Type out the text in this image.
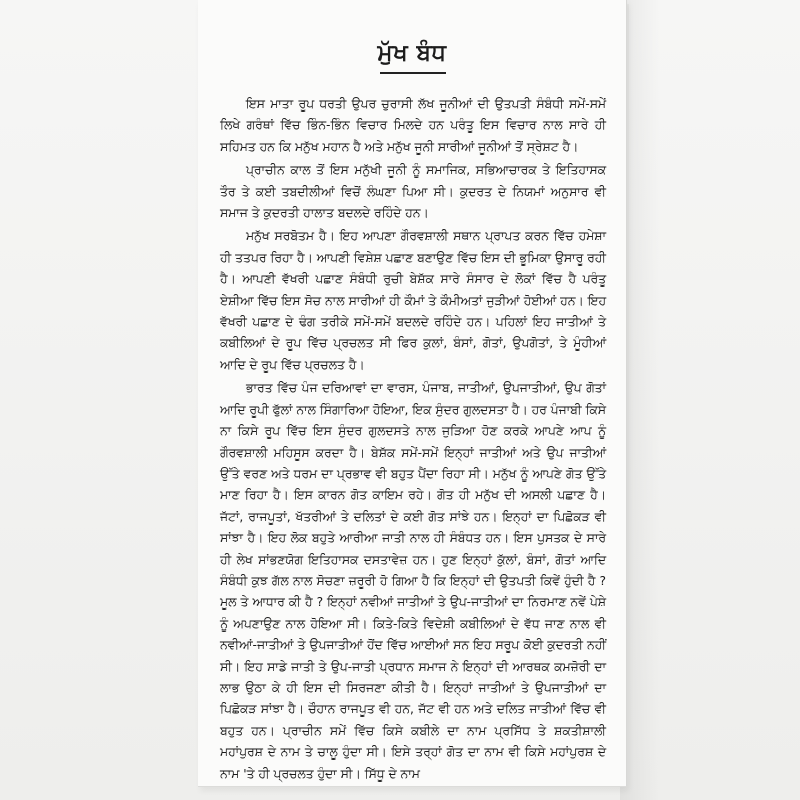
ਮੁੱਖ ਬੰਧ

ਇਸ ਮਾਤਾ ਰੂਪ ਧਰਤੀ ਉਪਰ ਚੁਰਾਸੀ ਲੱਖ ਜੂਨੀਆਂ ਦੀ ਉਤਪਤੀ ਸੰਬੰਧੀ ਸਮੇਂ-ਸਮੇਂ ਲਿਖੇ ਗਰੰਥਾਂ ਵਿੱਚ ਭਿੰਨ-ਭਿੰਨ ਵਿਚਾਰ ਮਿਲਦੇ ਹਨ ਪਰੰਤੂ ਇਸ ਵਿਚਾਰ ਨਾਲ ਸਾਰੇ ਹੀ ਸਹਿਮਤ ਹਨ ਕਿ ਮਨੁੱਖ ਮਹਾਨ ਹੈ ਅਤੇ ਮਨੁੱਖ ਜੂਨੀ ਸਾਰੀਆਂ ਜੂਨੀਆਂ ਤੋਂ ਸ੍ਰੇਸ਼ਟ ਹੈ।

ਪ੍ਰਾਚੀਨ ਕਾਲ ਤੋਂ ਇਸ ਮਨੁੱਖੀ ਜੂਨੀ ਨੂੰ ਸਮਾਜਿਕ, ਸਭਿਆਚਾਰਕ ਤੇ ਇਤਿਹਾਸਕ ਤੌਰ ਤੇ ਕਈ ਤਬਦੀਲੀਆਂ ਵਿਚੋਂ ਲੰਘਣਾ ਪਿਆ ਸੀ। ਕੁਦਰਤ ਦੇ ਨਿਯਮਾਂ ਅਨੁਸਾਰ ਵੀ ਸਮਾਜ ਤੇ ਕੁਦਰਤੀ ਹਾਲਾਤ ਬਦਲਦੇ ਰਹਿੰਦੇ ਹਨ।

ਮਨੁੱਖ ਸਰਬੋਤਮ ਹੈ। ਇਹ ਆਪਣਾ ਗੌਰਵਸ਼ਾਲੀ ਸਥਾਨ ਪ੍ਰਾਪਤ ਕਰਨ ਵਿੱਚ ਹਮੇਸ਼ਾ ਹੀ ਤਤਪਰ ਰਿਹਾ ਹੈ। ਆਪਣੀ ਵਿਸ਼ੇਸ਼ ਪਛਾਣ ਬਣਾਉਣ ਵਿੱਚ ਇਸ ਦੀ ਭੂਮਿਕਾ ਉਸਾਰੂ ਰਹੀ ਹੈ। ਆਪਣੀ ਵੱਖਰੀ ਪਛਾਣ ਸੰਬੰਧੀ ਰੁਚੀ ਬੇਸ਼ੱਕ ਸਾਰੇ ਸੰਸਾਰ ਦੇ ਲੋਕਾਂ ਵਿੱਚ ਹੈ ਪਰੰਤੂ ਏਸ਼ੀਆ ਵਿੱਚ ਇਸ ਸੋਚ ਨਾਲ ਸਾਰੀਆਂ ਹੀ ਕੌਮਾਂ ਤੇ ਕੌਮੀਅਤਾਂ ਜੁੜੀਆਂ ਹੋਈਆਂ ਹਨ। ਇਹ ਵੱਖਰੀ ਪਛਾਣ ਦੇ ਢੰਗ ਤਰੀਕੇ ਸਮੇਂ-ਸਮੇਂ ਬਦਲਦੇ ਰਹਿੰਦੇ ਹਨ। ਪਹਿਲਾਂ ਇਹ ਜਾਤੀਆਂ ਤੇ ਕਬੀਲਿਆਂ ਦੇ ਰੂਪ ਵਿੱਚ ਪ੍ਰਚਲਤ ਸੀ ਫਿਰ ਕੁਲਾਂ, ਬੰਸਾਂ, ਗੋਤਾਂ, ਉਪਗੋਤਾਂ, ਤੇ ਮੂੰਹੀਆਂ ਆਦਿ ਦੇ ਰੂਪ ਵਿੱਚ ਪ੍ਰਚਲਤ ਹੈ।

ਭਾਰਤ ਵਿੱਚ ਪੰਜ ਦਰਿਆਵਾਂ ਦਾ ਵਾਰਸ, ਪੰਜਾਬ, ਜਾਤੀਆਂ, ਉਪਜਾਤੀਆਂ, ਉਪ ਗੋਤਾਂ ਆਦਿ ਰੂਪੀ ਫੁੱਲਾਂ ਨਾਲ ਸਿੰਗਾਰਿਆ ਹੋਇਆ, ਇਕ ਸੁੰਦਰ ਗੁਲਦਸਤਾ ਹੈ। ਹਰ ਪੰਜਾਬੀ ਕਿਸੇ ਨਾ ਕਿਸੇ ਰੂਪ ਵਿੱਚ ਇਸ ਸੁੰਦਰ ਗੁਲਦਸਤੇ ਨਾਲ ਜੁੜਿਆ ਹੋਣ ਕਰਕੇ ਆਪਣੇ ਆਪ ਨੂੰ ਗੌਰਵਸ਼ਾਲੀ ਮਹਿਸੂਸ ਕਰਦਾ ਹੈ। ਬੇਸ਼ੱਕ ਸਮੇਂ-ਸਮੇਂ ਇਨ੍ਹਾਂ ਜਾਤੀਆਂ ਅਤੇ ਉਪ ਜਾਤੀਆਂ ਉੱਤੇ ਵਰਣ ਅਤੇ ਧਰਮ ਦਾ ਪ੍ਰਭਾਵ ਵੀ ਬਹੁਤ ਪੈਂਦਾ ਰਿਹਾ ਸੀ। ਮਨੁੱਖ ਨੂੰ ਆਪਣੇ ਗੋਤ ਉੱਤੇ ਮਾਣ ਰਿਹਾ ਹੈ। ਇਸ ਕਾਰਨ ਗੋਤ ਕਾਇਮ ਰਹੇ। ਗੋਤ ਹੀ ਮਨੁੱਖ ਦੀ ਅਸਲੀ ਪਛਾਣ ਹੈ। ਜੱਟਾਂ, ਰਾਜਪੂਤਾਂ, ਖੱਤਰੀਆਂ ਤੇ ਦਲਿਤਾਂ ਦੇ ਕਈ ਗੋਤ ਸਾਂਝੇ ਹਨ। ਇਨ੍ਹਾਂ ਦਾ ਪਿਛੋਕੜ ਵੀ ਸਾਂਝਾ ਹੈ। ਇਹ ਲੋਕ ਬਹੁਤੇ ਆਰੀਆ ਜਾਤੀ ਨਾਲ ਹੀ ਸੰਬੰਧਤ ਹਨ। ਇਸ ਪੁਸਤਕ ਦੇ ਸਾਰੇ ਹੀ ਲੇਖ ਸਾਂਭਣਯੋਗ ਇਤਿਹਾਸਕ ਦਸਤਾਵੇਜ਼ ਹਨ। ਹੁਣ ਇਨ੍ਹਾਂ ਕੁੱਲਾਂ, ਬੰਸਾਂ, ਗੋਤਾਂ ਆਦਿ ਸੰਬੰਧੀ ਕੁਝ ਗੱਲ ਨਾਲ ਸੋਚਣਾ ਜ਼ਰੂਰੀ ਹੋ ਗਿਆ ਹੈ ਕਿ ਇਨ੍ਹਾਂ ਦੀ ਉਤਪਤੀ ਕਿਵੇਂ ਹੁੰਦੀ ਹੈ ? ਮੂਲ ਤੇ ਆਧਾਰ ਕੀ ਹੈ ? ਇਨ੍ਹਾਂ ਨਵੀਆਂ ਜਾਤੀਆਂ ਤੇ ਉਪ-ਜਾਤੀਆਂ ਦਾ ਨਿਰਮਾਣ ਨਵੇਂ ਪੇਸ਼ੇ ਨੂੰ ਅਪਣਾਉਣ ਨਾਲ ਹੋਇਆ ਸੀ। ਕਿਤੇ-ਕਿਤੇ ਵਿਦੇਸ਼ੀ ਕਬੀਲਿਆਂ ਦੇ ਵੱਧ ਜਾਣ ਨਾਲ ਵੀ ਨਵੀਆਂ-ਜਾਤੀਆਂ ਤੇ ਉਪਜਾਤੀਆਂ ਹੋਂਦ ਵਿੱਚ ਆਈਆਂ ਸਨ ਇਹ ਸਰੂਪ ਕੋਈ ਕੁਦਰਤੀ ਨਹੀਂ ਸੀ। ਇਹ ਸਾਡੇ ਜਾਤੀ ਤੇ ਉਪ-ਜਾਤੀ ਪ੍ਰਧਾਨ ਸਮਾਜ ਨੇ ਇਨ੍ਹਾਂ ਦੀ ਆਰਥਕ ਕਮਜ਼ੋਰੀ ਦਾ ਲਾਭ ਉਠਾ ਕੇ ਹੀ ਇਸ ਦੀ ਸਿਰਜਣਾ ਕੀਤੀ ਹੈ। ਇਨ੍ਹਾਂ ਜਾਤੀਆਂ ਤੇ ਉਪਜਾਤੀਆਂ ਦਾ ਪਿਛੋਕੜ ਸਾਂਝਾ ਹੈ। ਚੌਹਾਨ ਰਾਜਪੂਤ ਵੀ ਹਨ, ਜੱਟ ਵੀ ਹਨ ਅਤੇ ਦਲਿਤ ਜਾਤੀਆਂ ਵਿੱਚ ਵੀ ਬਹੁਤ ਹਨ। ਪ੍ਰਾਚੀਨ ਸਮੇਂ ਵਿੱਚ ਕਿਸੇ ਕਬੀਲੇ ਦਾ ਨਾਮ ਪ੍ਰਸਿੱਧ ਤੇ ਸ਼ਕਤੀਸ਼ਾਲੀ ਮਹਾਂਪੁਰਸ਼ ਦੇ ਨਾਮ ਤੇ ਚਾਲੂ ਹੁੰਦਾ ਸੀ। ਇਸੇ ਤਰ੍ਹਾਂ ਗੋਤ ਦਾ ਨਾਮ ਵੀ ਕਿਸੇ ਮਹਾਂਪੁਰਸ਼ ਦੇ ਨਾਮ 'ਤੇ ਹੀ ਪ੍ਰਚਲਤ ਹੁੰਦਾ ਸੀ। ਸਿੱਧੂ ਦੇ ਨਾਮ
